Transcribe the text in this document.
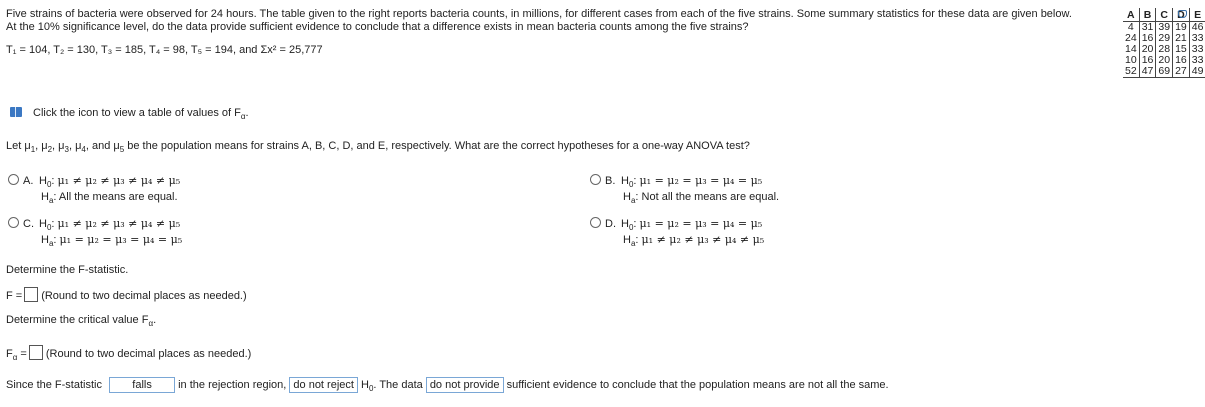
Five strains of bacteria were observed for 24 hours. The table given to the right reports bacteria counts, in millions, for different cases from each of the five strains. Some summary statistics for these data are given below.
At the 10% significance level, do the data provide sufficient evidence to conclude that a difference exists in mean bacteria counts among the five strains?
T₁ = 104, T₂ = 130, T₃ = 185, T₄ = 98, T₅ = 194, and Σx² = 25,777
A	B	C	D	E
4	31	39	19	46
24	16	29	21	33
14	20	28	15	33
10	16	20	16	33
52	47	69	27	49
Click the icon to view a table of values of $F_\alpha$.
Let $\mu_1$, $\mu_2$, $\mu_3$, $\mu_4$, and $\mu_5$ be the population means for strains A, B, C, D, and E, respectively. What are the correct hypotheses for a one-way ANOVA test?
A. $H_0$: μ₁ ≠ μ₂ ≠ μ₃ ≠ μ₄ ≠ μ₅
$H_a$: All the means are equal.
B. $H_0$: μ₁ = μ₂ = μ₃ = μ₄ = μ₅
$H_a$: Not all the means are equal.
C. $H_0$: μ₁ ≠ μ₂ ≠ μ₃ ≠ μ₄ ≠ μ₅
$H_a$: μ₁ = μ₂ = μ₃ = μ₄ = μ₅
D. $H_0$: μ₁ = μ₂ = μ₃ = μ₄ = μ₅
$H_a$: μ₁ ≠ μ₂ ≠ μ₃ ≠ μ₄ ≠ μ₅
Determine the F-statistic.
F = (Round to two decimal places as needed.)
Determine the critical value $F_\alpha$.
$F_\alpha$ = (Round to two decimal places as needed.)
Since the F-statistic	falls in the rejection region, do not reject $H_0$. The data do not provide sufficient evidence to conclude that the population means are not all the same.
